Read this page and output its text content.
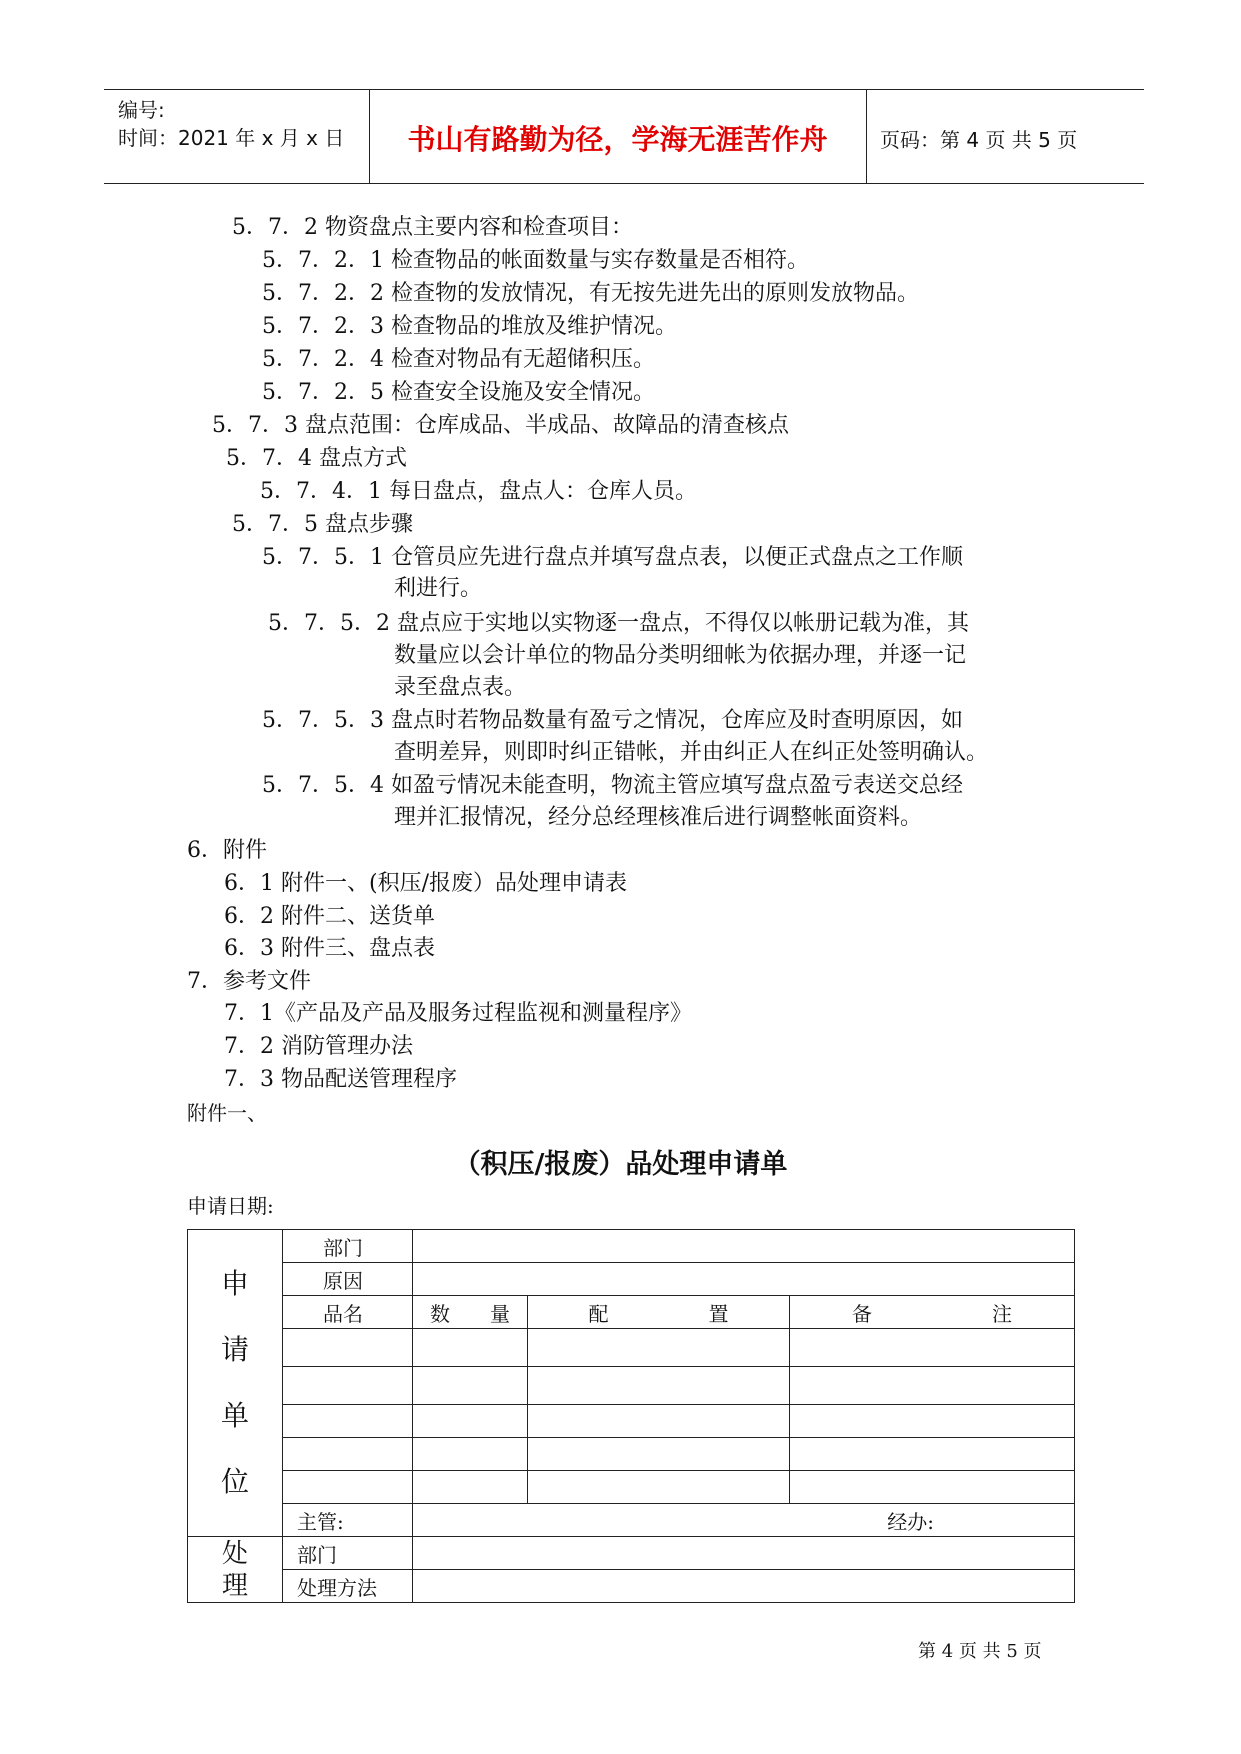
编号:
时间：2021 年 x 月 x 日	书山有路勤为径，学海无涯苦作舟	页码：第 4 页 共 5 页
5．7．2 物资盘点主要内容和检查项目：
5．7．2．1 检查物品的帐面数量与实存数量是否相符。
5．7．2．2 检查物的发放情况，有无按先进先出的原则发放物品。
5．7．2．3 检查物品的堆放及维护情况。
5．7．2．4 检查对物品有无超储积压。
5．7．2．5 检查安全设施及安全情况。
5．7．3 盘点范围：仓库成品、半成品、故障品的清查核点
5．7．4 盘点方式
5．7．4．1 每日盘点，盘点人：仓库人员。
5．7．5 盘点步骤
5．7．5．1 仓管员应先进行盘点并填写盘点表，以便正式盘点之工作顺
利进行。
5．7．5．2 盘点应于实地以实物逐一盘点，不得仅以帐册记载为准，其
数量应以会计单位的物品分类明细帐为依据办理，并逐一记
录至盘点表。
5．7．5．3 盘点时若物品数量有盈亏之情况，仓库应及时查明原因，如
查明差异，则即时纠正错帐，并由纠正人在纠正处签明确认。
5．7．5．4 如盈亏情况未能查明，物流主管应填写盘点盈亏表送交总经
理并汇报情况，经分总经理核准后进行调整帐面资料。
6．附件
6．1 附件一、(积压/报废）品处理申请表
6．2 附件二、送货单
6．3 附件三、盘点表
7．参考文件
7．1《产品及产品及服务过程监视和测量程序》
7．2 消防管理办法
7．3 物品配送管理程序
附件一、
（积压/报废）品处理申请单
申请日期:
申
请
单
位	部门			
	原因			
	品名	数　　量	配　　　　　置	备　　　　　　注

	主管:	经办:		

处
理	部门			
	处理方法			
第 4 页 共 5 页
